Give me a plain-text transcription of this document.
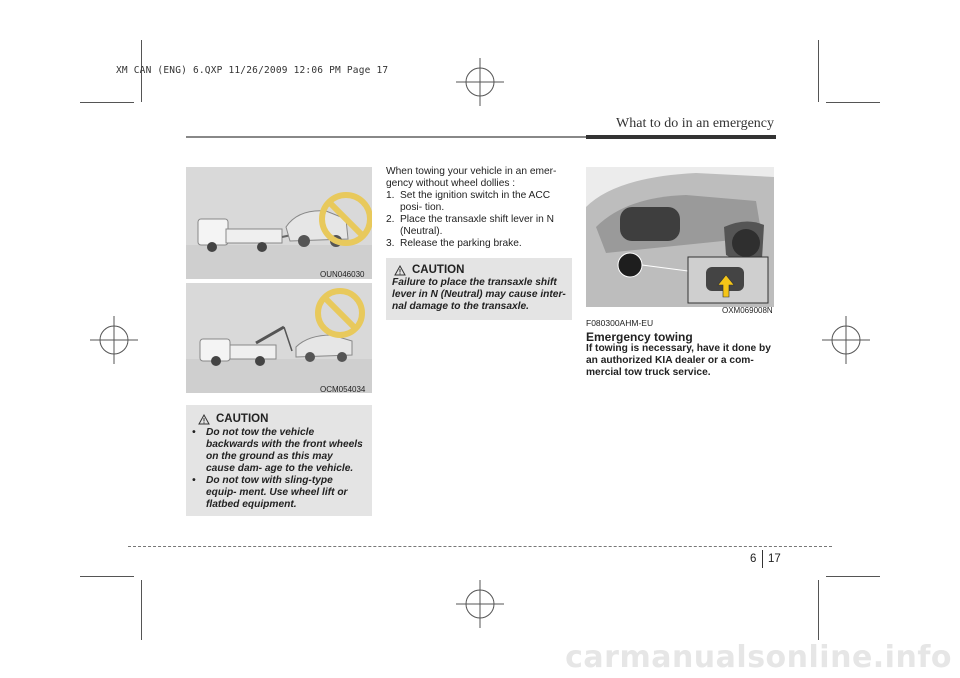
XM CAN (ENG) 6.QXP 11/26/2009 12:06 PM Page 17
What to do in an emergency
OUN046030
OCM054034
CAUTION
• Do not tow the vehicle backwards with the front wheels on the ground as this may cause dam- age to the vehicle.
• Do not tow with sling-type equip- ment. Use wheel lift or flatbed equipment.
When towing your vehicle in an emer- gency without wheel dollies :
1. Set the ignition switch in the ACC posi- tion.
2. Place the transaxle shift lever in N (Neutral).
3. Release the parking brake.
CAUTION
Failure to place the transaxle shift lever in N (Neutral) may cause inter- nal damage to the transaxle.	OXM069008N
F080300AHM-EU
Emergency towing
If towing is necessary, have it done by an authorized KIA dealer or a com- mercial tow truck service.
6 17
carmanualsonline.info
